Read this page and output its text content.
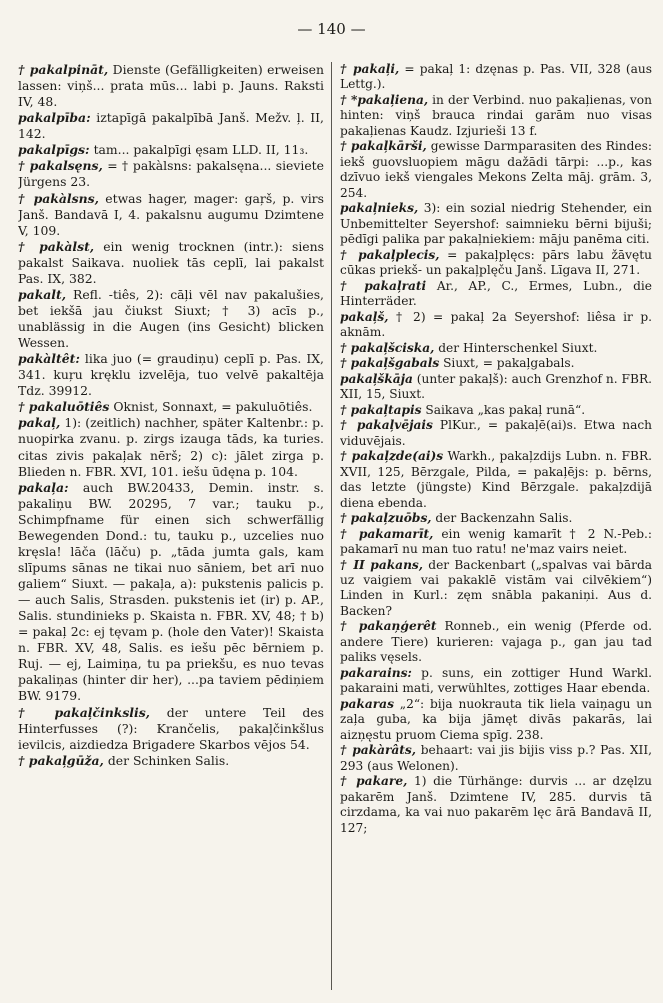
— 140 —
† pakalpināt, Dienste (Gefälligkeiten) erweisen lassen: viņš... prata mūs... labi p. Jauns. Raksti IV, 48.
pakalpība: iztapīgā pakalpībā Janš. Mežv. ļ. II, 142.
pakalpīgs: tam... pakalpīgi ęsam LLD. II, 11₃.
† pakalsęns, = † pakàlsns: pakalsęna... sieviete Jürgens 23.
† pakàlsns, etwas hager, mager: gaŗš, p. virs Janš. Bandavā I, 4. pakalsnu augumu Dzimtene V, 109.
† pakàlst, ein wenig trocknen (intr.): siens pakalst Saikava. nuoliek tās ceplī, lai pakalst Pas. IX, 382.
pakalt, Refl. -tiês, 2): cāļi vēl nav pakalušies, bet iekšā jau čiukst Siuxt; † 3) acīs p., unablässig in die Augen (ins Gesicht) blicken Wessen.
pakàltêt: lika juo (= graudiņu) ceplī p. Pas. IX, 341. kuŗu kręklu izvelēja, tuo velvē pakaltēja Tdz. 39912.
† pakaluōtiês Oknist, Sonnaxt, = pakuluōtiês.
pakaļ, 1): (zeitlich) nachher, später Kaltenbr.: p. nuopirka zvanu. p. zirgs izauga tāds, ka turies. citas zivis pakaļak nērš; 2) c): jālet zirga p. Blieden n. FBR. XVI, 101. iešu ūdęna p. 104.
pakaļa: auch BW.20433, Demin. instr. s. pakaliņu BW. 20295, 7 var.; tauku p., Schimpfname für einen sich schwerfällig Bewegenden Dond.: tu, tauku p., uzcelies nuo kręsla! lāča (lāču) p. „tāda jumta gals, kam slīpums sānas ne tikai nuo sāniem, bet arī nuo galiem“ Siuxt. — pakaļa, a): pukstenis palicis p. — auch Salis, Strasden. pukstenis iet (ir) p. AP., Salis. stundinieks p. Skaista n. FBR. XV, 48; † b) = pakaļ 2c: ej tęvam p. (hole den Vater)! Skaista n. FBR. XV, 48, Salis. es iešu pēc bērniem p. Ruj. — ej, Laimiņa, tu pa priekšu, es nuo tevas pakaliņas (hinter dir her), ...pa taviem pēdiņiem BW. 9179.
† pakaļčinkslis, der untere Teil des Hinterfusses (?): Krančelis, pakaļčinkšlus ievilcis, aizdiedza Brigadere Skarbos vējos 54.
† pakaļgūža, der Schinken Salis.
† pakaļi, = pakaļ 1: dzęnas p. Pas. VII, 328 (aus Lettg.).
† *pakaļiena, in der Verbind. nuo pakaļienas, von hinten: viņš brauca rindai garām nuo visas pakaļienas Kaudz. Izjurieši 13 f.
† pakaļkārši, gewisse Darmparasiten des Rindes: iekš guovsluopiem māgu dažādi tārpi: ...p., kas dzīvuo iekš viengales Mekons Zelta māj. grām. 3, 254.
pakaļnieks, 3): ein sozial niedrig Stehender, ein Unbemittelter Seyershof: saimnieku bērni bijuši; pēdīgi palika par pakaļniekiem: māju panēma citi.
† pakaļplecis, = pakaļplęcs: pārs labu žāvętu cūkas priekš- un pakaļplęču Janš. Līgava II, 271.
† pakaļrati Ar., AP., C., Ermes, Lubn., die Hinterräder.
pakaļš, † 2) = pakaļ 2a Seyershof: liêsa ir p. aknām.
† pakaļšciska, der Hinterschenkel Siuxt.
† pakaļšgabals Siuxt, = pakaļgabals.
pakaļškāja (unter pakaļš): auch Grenzhof n. FBR. XII, 15, Siuxt.
† pakaļtapis Saikava „kas pakaļ runā“.
† pakaļvējais PlKur., = pakaļē(ai)s. Etwa nach viduvējais.
† pakaļzde(ai)s Warkh., pakaļzdijs Lubn. n. FBR. XVII, 125, Bērzgale, Pilda, = pakaļējs: p. bērns, das letzte (jüngste) Kind Bērzgale. pakaļzdijā diena ebenda.
† pakaļzuōbs, der Backenzahn Salis.
† pakamarīt, ein wenig kamarīt † 2 N.-Peb.: pakamarī nu man tuo ratu! ne'maz vairs neiet.
† II pakans, der Backenbart („spalvas vai bārda uz vaigiem vai pakaklē vistām vai cilvēkiem“) Linden in Kurl.: zęm snābla pakaniņi. Aus d. Backen?
† pakaņģerêt Ronneb., ein wenig (Pferde od. andere Tiere) kurieren: vajaga p., gan jau tad paliks vęsels.
pakarains: p. suns, ein zottiger Hund Warkl. pakaraini mati, verwühltes, zottiges Haar ebenda.
pakaras „2“: bija nuokrauta tik liela vaiņagu un zaļa guba, ka bija jāmęt divās pakarās, lai aizņęstu pruom Ciema spīg. 238.
† pakàrâts, behaart: vai jis bijis viss p.? Pas. XII, 293 (aus Welonen).
† pakare, 1) die Türhänge: durvis ... ar dzęlzu pakarēm Janš. Dzimtene IV, 285. durvis tā cirzdama, ka vai nuo pakarēm lęc ārā Bandavā II, 127;
